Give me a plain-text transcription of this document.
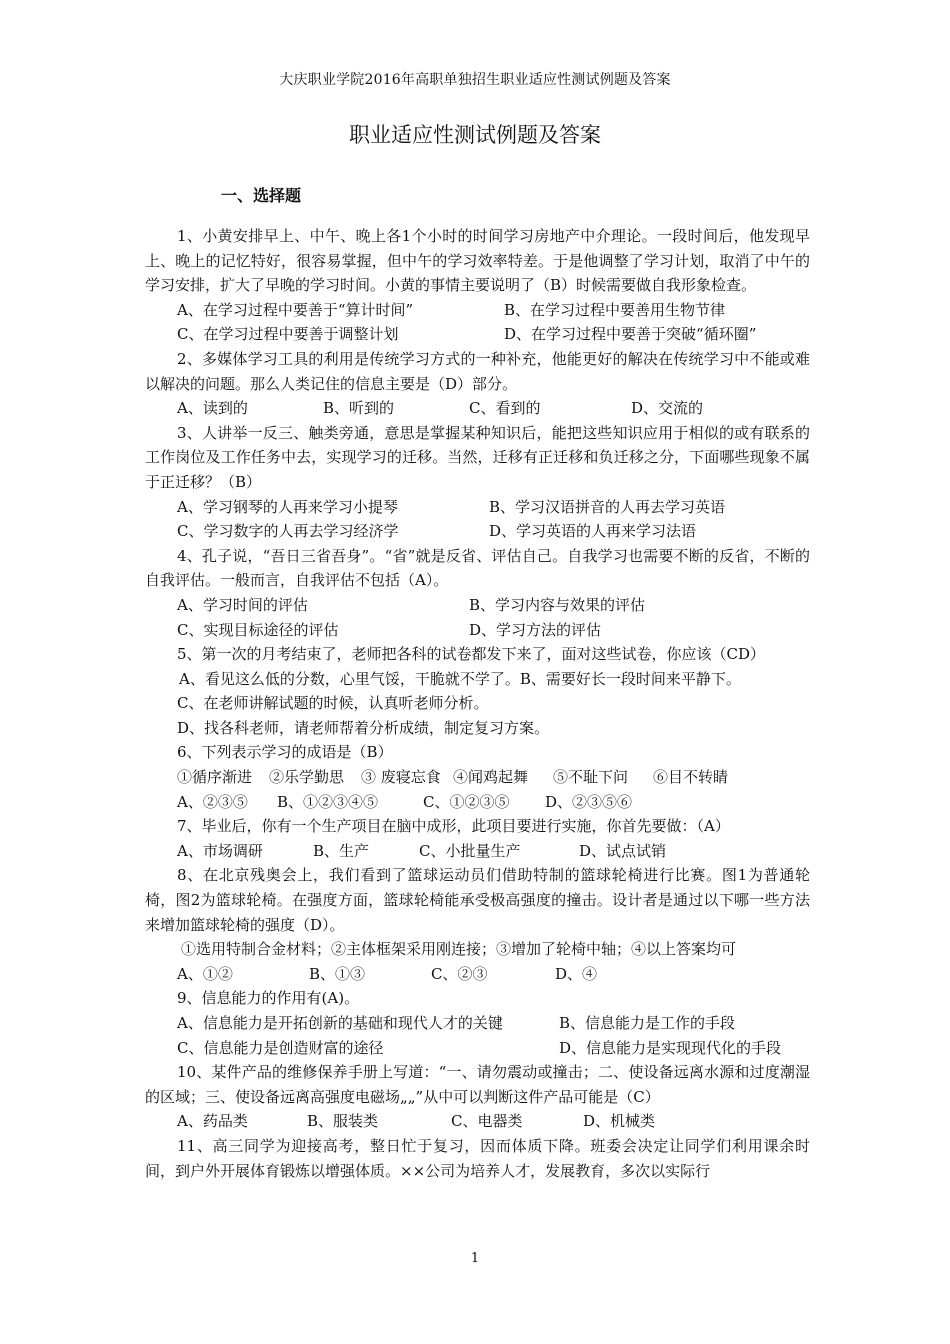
大庆职业学院2016年高职单独招生职业适应性测试例题及答案
职业适应性测试例题及答案
一、选择题

1、小黄安排早上、中午、晚上各1个小时的时间学习房地产中介理论。一段时间后，他发现早上、晚上的记忆特好，很容易掌握，但中午的学习效率特差。于是他调整了学习计划，取消了中午的学习安排，扩大了早晚的学习时间。小黄的事情主要说明了（B）时候需要做自我形象检查。

A、在学习过程中要善于“算计时间”	B、在学习过程中要善用生物节律
C、在学习过程中要善于调整计划	D、在学习过程中要善于突破“循环圈”

2、多媒体学习工具的利用是传统学习方式的一种补充，他能更好的解决在传统学习中不能或难以解决的问题。那么人类记住的信息主要是（D）部分。

A、读到的	B、听到的	C、看到的	D、交流的

3、人讲举一反三、触类旁通，意思是掌握某种知识后，能把这些知识应用于相似的或有联系的工作岗位及工作任务中去，实现学习的迁移。当然，迁移有正迁移和负迁移之分，下面哪些现象不属于正迁移？（B）

A、学习钢琴的人再来学习小提琴	B、学习汉语拼音的人再去学习英语
C、学习数字的人再去学习经济学	D、学习英语的人再来学习法语

4、孔子说，“吾日三省吾身”。“省”就是反省、评估自己。自我学习也需要不断的反省，不断的自我评估。一般而言，自我评估不包括（A）。

A、学习时间的评估	B、学习内容与效果的评估
C、实现目标途径的评估	D、学习方法的评估

5、第一次的月考结束了，老师把各科的试卷都发下来了，面对这些试卷，你应该（CD）

A、看见这么低的分数，心里气馁，干脆就不学了。B、需要好长一段时间来平静下。

C、在老师讲解试题的时候，认真听老师分析。

D、找各科老师，请老师帮着分析成绩，制定复习方案。

6、下列表示学习的成语是（B）

①循序渐进	②乐学勤思	③ 废寝忘食 ④闻鸡起舞	⑤不耻下问	⑥目不转睛
A、②③⑤	B、①②③④⑤	C、①②③⑤	D、②③⑤⑥

7、毕业后，你有一个生产项目在脑中成形，此项目要进行实施，你首先要做：（A）

A、市场调研	B、生产	C、小批量生产	D、试点试销

8、在北京残奥会上，我们看到了篮球运动员们借助特制的篮球轮椅进行比赛。图1为普通轮椅，图2为篮球轮椅。在强度方面，篮球轮椅能承受极高强度的撞击。设计者是通过以下哪一些方法来增加篮球轮椅的强度（D）。

①选用特制合金材料；②主体框架采用刚连接；③增加了轮椅中轴；④以上答案均可

A、①②	B、①③	C、②③	D、④

9、信息能力的作用有(A)。

A、信息能力是开拓创新的基础和现代人才的关键	B、信息能力是工作的手段
C、信息能力是创造财富的途径	D、信息能力是实现现代化的手段

10、某件产品的维修保养手册上写道：“一、请勿震动或撞击；二、使设备远离水源和过度潮湿的区域；三、使设备远离高强度电磁场„„”从中可以判断这件产品可能是（C）

A、药品类	B、服装类	C、电器类	D、机械类

11、高三同学为迎接高考，整日忙于复习，因而体质下降。班委会决定让同学们利用课余时间，到户外开展体育锻炼以增强体质。××公司为培养人才，发展教育，多次以实际行

1
